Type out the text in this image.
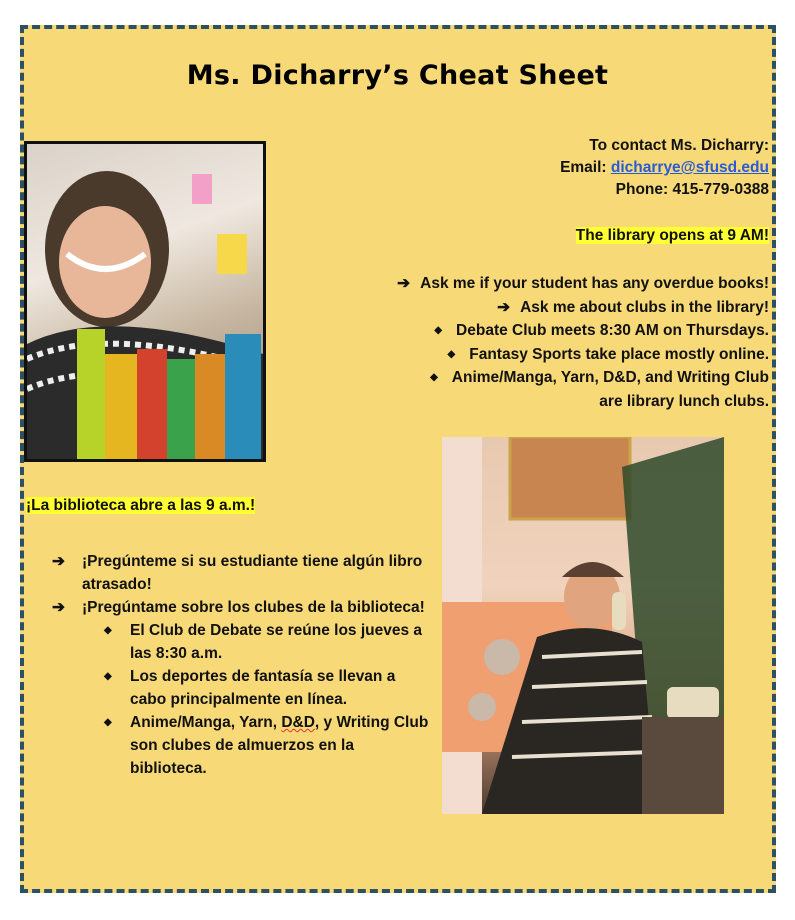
Ms. Dicharry’s Cheat Sheet
To contact Ms. Dicharry:
Email: dicharrye@sfusd.edu
Phone: 415-779-0388
The library opens at 9 AM!
➔ Ask me if your student has any overdue books!
➔ Ask me about clubs in the library!
◆ Debate Club meets 8:30 AM on Thursdays.
◆ Fantasy Sports take place mostly online.
◆ Anime/Manga, Yarn, D&D, and Writing Club
are library lunch clubs.
¡La biblioteca abre a las 9 a.m.!
➔ ¡Pregúnteme si su estudiante tiene algún libro atrasado!
➔ ¡Pregúntame sobre los clubes de la biblioteca!
◆ El Club de Debate se reúne los jueves a las 8:30 a.m.
◆ Los deportes de fantasía se llevan a cabo principalmente en línea.
◆ Anime/Manga, Yarn, D&D, y Writing Club son clubes de almuerzos en la biblioteca.
